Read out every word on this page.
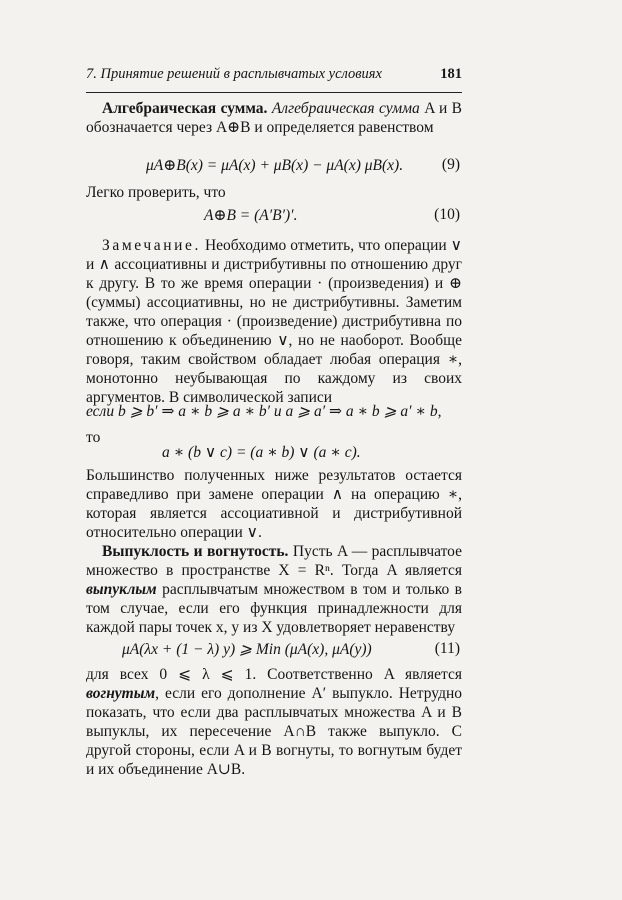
7. Принятие решений в расплывчатых условиях	181
Алгебраическая сумма. Алгебраическая сумма A и B обозначается через A⊕B и определяется равенством
μA⊕B(x) = μA(x) + μB(x) − μA(x) μB(x).	(9)
Легко проверить, что
A⊕B = (A′B′)′.	(10)
Замечание. Необходимо отметить, что операции ∨ и ∧ ассоциативны и дистрибутивны по отношению друг к другу. В то же время операции · (произведения) и ⊕ (суммы) ассоциативны, но не дистрибутивны. Заметим также, что операция · (произведение) дистрибутивна по отношению к объединению ∨, но не наоборот. Вообще говоря, таким свойством обладает любая операция ∗, монотонно неубывающая по каждому из своих аргументов. В символической записи
если b ⩾ b′ ⇒ a ∗ b ⩾ a ∗ b′ и a ⩾ a′ ⇒ a ∗ b ⩾ a′ ∗ b,
то
a ∗ (b ∨ c) = (a ∗ b) ∨ (a ∗ c).
Большинство полученных ниже результатов остается справедливо при замене операции ∧ на операцию ∗, которая является ассоциативной и дистрибутивной относительно операции ∨.
Выпуклость и вогнутость. Пусть A — расплывчатое множество в пространстве X = Rⁿ. Тогда A является выпуклым расплывчатым множеством в том и только в том случае, если его функция принадлежности для каждой пары точек x, y из X удовлетворяет неравенству
μA(λx + (1 − λ) y) ⩾ Min (μA(x), μA(y))	(11)
для всех 0 ⩽ λ ⩽ 1. Соответственно A является вогнутым, если его дополнение A′ выпукло. Нетрудно показать, что если два расплывчатых множества A и B выпуклы, их пересечение A∩B также выпукло. С другой стороны, если A и B вогнуты, то вогнутым будет и их объединение A∪B.
